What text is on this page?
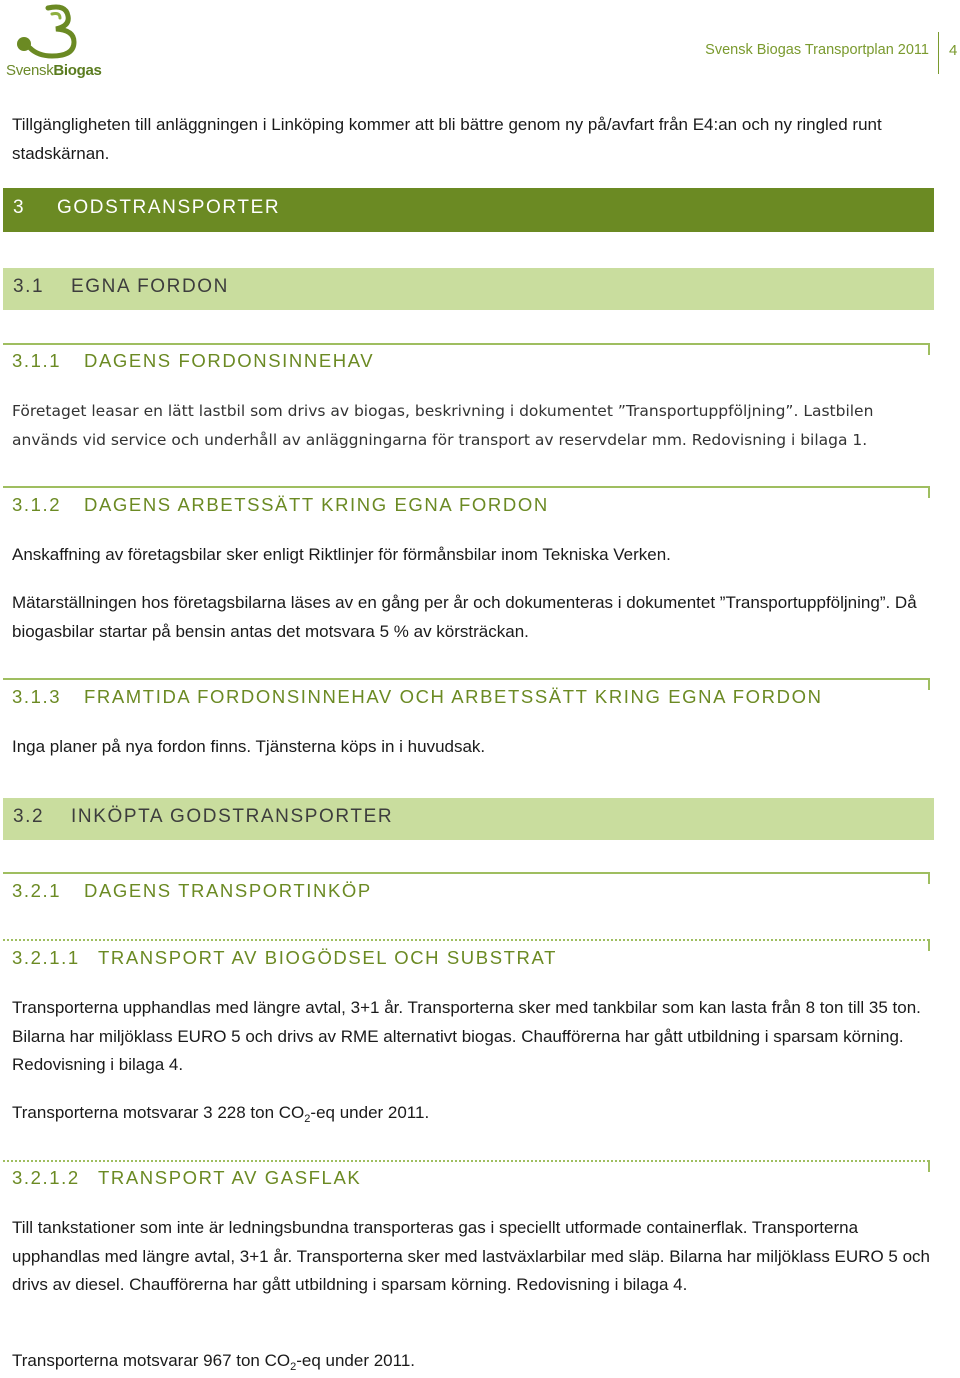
SvenskBiogas
Svensk Biogas Transportplan 2011 4
Tillgängligheten till anläggningen i Linköping kommer att bli bättre genom ny på/avfart från E4:an och ny ringled runt stadskärnan.
3 GODSTRANSPORTER
3.1 EGNA FORDON
3.1.1 DAGENS FORDONSINNEHAV
Företaget leasar en lätt lastbil som drivs av biogas, beskrivning i dokumentet ”Transportuppföljning”. Lastbilen används vid service och underhåll av anläggningarna för transport av reservdelar mm. Redovisning i bilaga 1.
3.1.2 DAGENS ARBETSSÄTT KRING EGNA FORDON
Anskaffning av företagsbilar sker enligt Riktlinjer för förmånsbilar inom Tekniska Verken.
Mätarställningen hos företagsbilarna läses av en gång per år och dokumenteras i dokumentet ”Transportuppföljning”. Då biogasbilar startar på bensin antas det motsvara 5 % av körsträckan.
3.1.3 FRAMTIDA FORDONSINNEHAV OCH ARBETSSÄTT KRING EGNA FORDON
Inga planer på nya fordon finns. Tjänsterna köps in i huvudsak.
3.2 INKÖPTA GODSTRANSPORTER
3.2.1 DAGENS TRANSPORTINKÖP
3.2.1.1 TRANSPORT AV BIOGÖDSEL OCH SUBSTRAT
Transporterna upphandlas med längre avtal, 3+1 år. Transporterna sker med tankbilar som kan lasta från 8 ton till 35 ton. Bilarna har miljöklass EURO 5 och drivs av RME alternativt biogas. Chaufförerna har gått utbildning i sparsam körning. Redovisning i bilaga 4.
Transporterna motsvarar 3 228 ton $CO_2-eq$ under 2011.
3.2.1.2 TRANSPORT AV GASFLAK
Till tankstationer som inte är ledningsbundna transporteras gas i speciellt utformade containerflak. Transporterna upphandlas med längre avtal, 3+1 år. Transporterna sker med lastväxlarbilar med släp. Bilarna har miljöklass EURO 5 och drivs av diesel. Chaufförerna har gått utbildning i sparsam körning. Redovisning i bilaga 4.
Transporterna motsvarar 967 ton $CO_2-eq$ under 2011.
